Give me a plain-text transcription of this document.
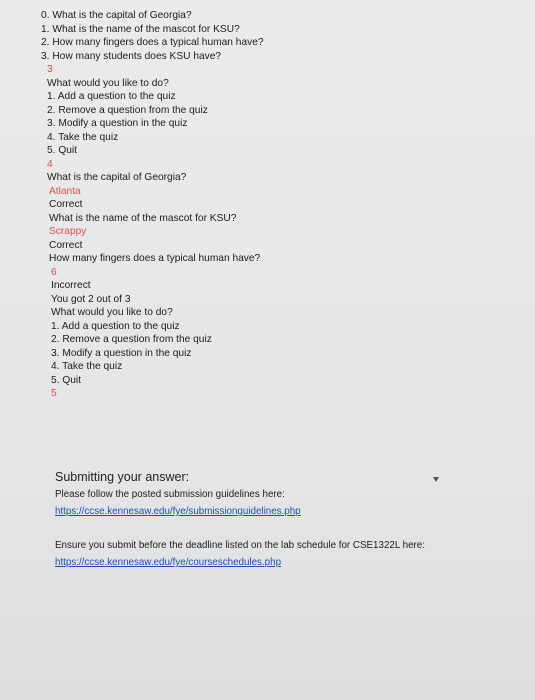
0. What is the capital of Georgia?
1. What is the name of the mascot for KSU?
2. How many fingers does a typical human have?
3. How many students does KSU have?
3
What would you like to do?
1. Add a question to the quiz
2. Remove a question from the quiz
3. Modify a question in the quiz
4. Take the quiz
5. Quit
4
What is the capital of Georgia?
Atlanta
Correct
What is the name of the mascot for KSU?
Scrappy
Correct
How many fingers does a typical human have?
6
Incorrect
You got 2 out of 3
What would you like to do?
1. Add a question to the quiz
2. Remove a question from the quiz
3. Modify a question in the quiz
4. Take the quiz
5. Quit
5
Submitting your answer:
Please follow the posted submission guidelines here:
https://ccse.kennesaw.edu/fye/submissionguidelines.php
Ensure you submit before the deadline listed on the lab schedule for CSE1322L here:
https://ccse.kennesaw.edu/fye/courseschedules.php
